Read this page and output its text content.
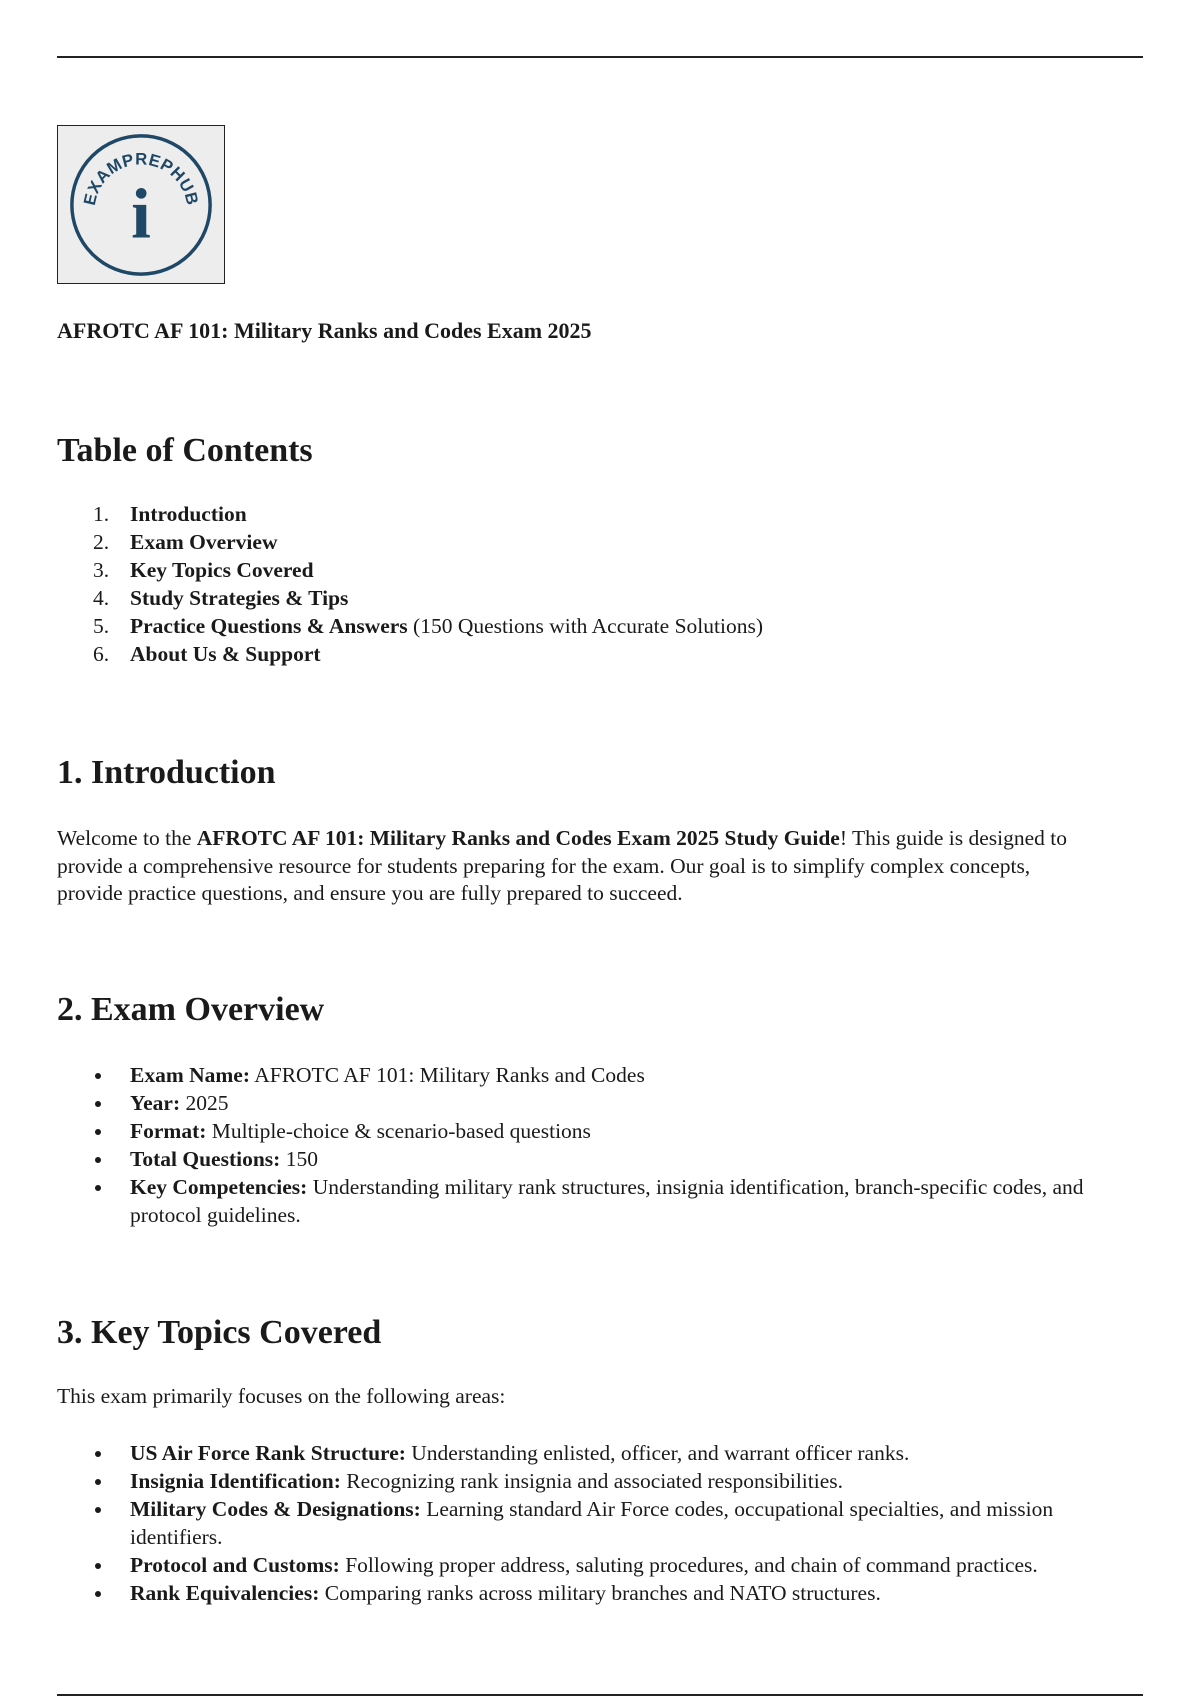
EXAMPREPHUB
i

AFROTC AF 101: Military Ranks and Codes Exam 2025

Table of Contents
1. Introduction
2. Exam Overview
3. Key Topics Covered
4. Study Strategies & Tips
5. Practice Questions & Answers (150 Questions with Accurate Solutions)
6. About Us & Support
1. Introduction

Welcome to the AFROTC AF 101: Military Ranks and Codes Exam 2025 Study Guide! This guide is designed to provide a comprehensive resource for students preparing for the exam. Our goal is to simplify complex concepts, provide practice questions, and ensure you are fully prepared to succeed.

2. Exam Overview
Exam Name: AFROTC AF 101: Military Ranks and Codes
Year: 2025
Format: Multiple-choice & scenario-based questions
Total Questions: 150
Key Competencies: Understanding military rank structures, insignia identification, branch-specific codes, and protocol guidelines.
3. Key Topics Covered

This exam primarily focuses on the following areas:

US Air Force Rank Structure: Understanding enlisted, officer, and warrant officer ranks.
Insignia Identification: Recognizing rank insignia and associated responsibilities.
Military Codes & Designations: Learning standard Air Force codes, occupational specialties, and mission identifiers.
Protocol and Customs: Following proper address, saluting procedures, and chain of command practices.
Rank Equivalencies: Comparing ranks across military branches and NATO structures.
